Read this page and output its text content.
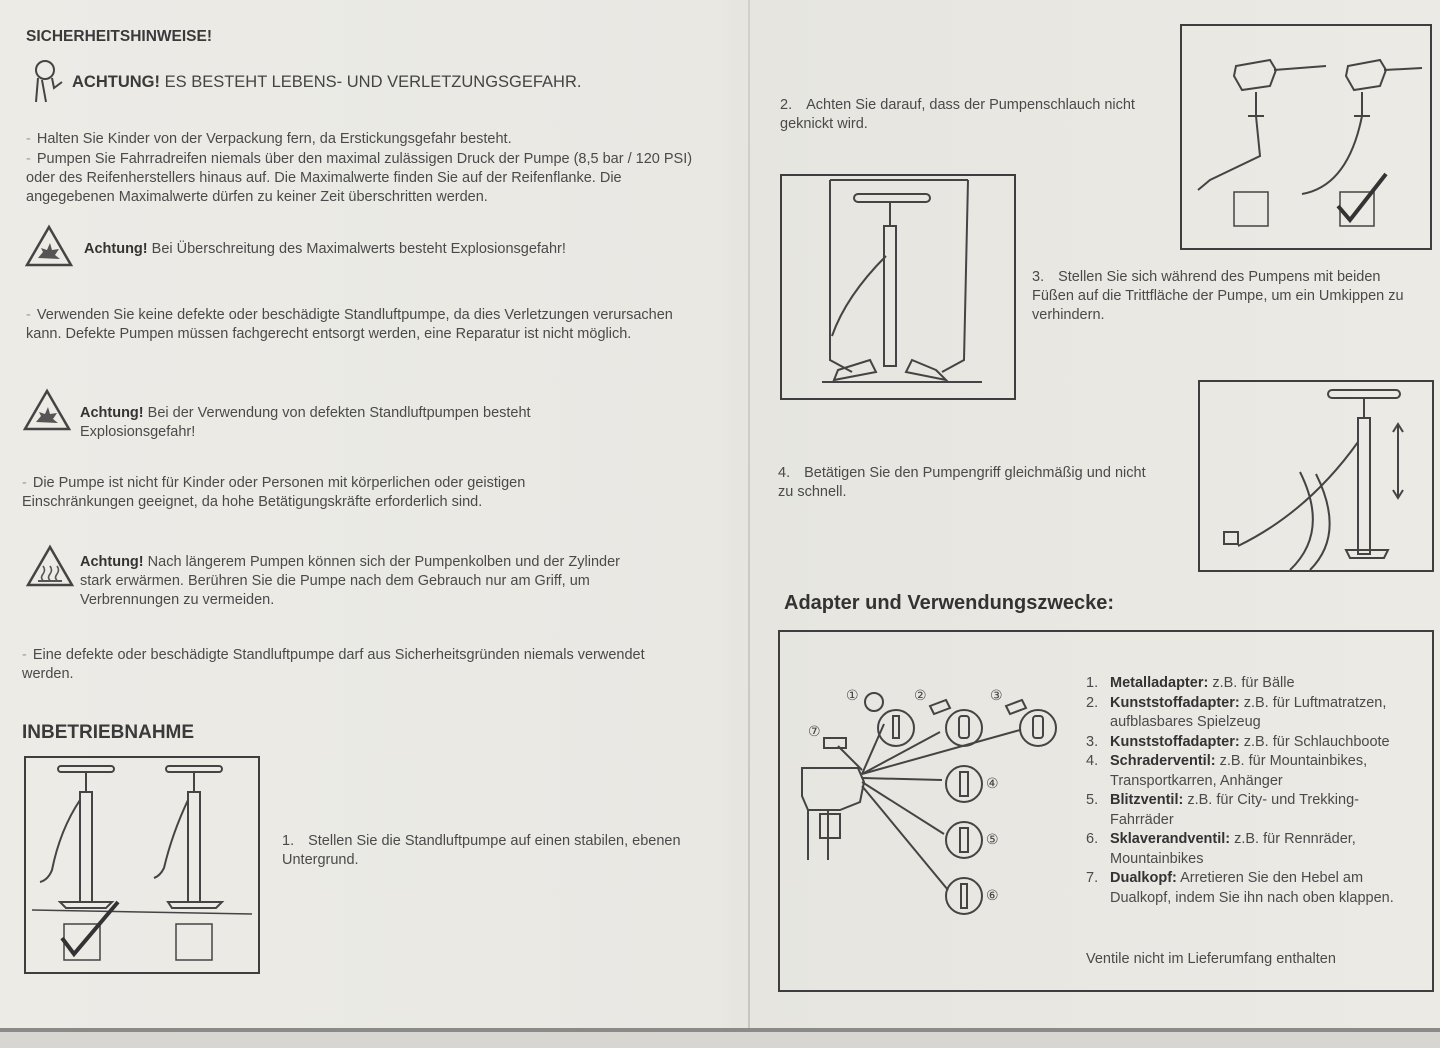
SICHERHEITSHINWEISE!
ACHTUNG! ES BESTEHT LEBENS- UND VERLETZUNGSGEFAHR.
- Halten Sie Kinder von der Verpackung fern, da Erstickungsgefahr besteht.
- Pumpen Sie Fahrradreifen niemals über den maximal zulässigen Druck der Pumpe (8,5 bar / 120 PSI) oder des Reifenherstellers hinaus auf. Die Maximalwerte finden Sie auf der Reifenflanke. Die angegebenen Maximalwerte dürfen zu keiner Zeit überschritten werden.
Achtung! Bei Überschreitung des Maximalwerts besteht Explosionsgefahr!
- Verwenden Sie keine defekte oder beschädigte Standluftpumpe, da dies Verletzungen verursachen kann. Defekte Pumpen müssen fachgerecht entsorgt werden, eine Reparatur ist nicht möglich.
Achtung! Bei der Verwendung von defekten Standluftpumpen besteht Explosionsgefahr!
- Die Pumpe ist nicht für Kinder oder Personen mit körperlichen oder geistigen Einschränkungen geeignet, da hohe Betätigungskräfte erforderlich sind.
Achtung! Nach längerem Pumpen können sich der Pumpenkolben und der Zylinder stark erwärmen. Berühren Sie die Pumpe nach dem Gebrauch nur am Griff, um Verbrennungen zu vermeiden.
- Eine defekte oder beschädigte Standluftpumpe darf aus Sicherheitsgründen niemals verwendet werden.
INBETRIEBNAHME
1. Stellen Sie die Standluftpumpe auf einen stabilen, ebenen Untergrund.
2. Achten Sie darauf, dass der Pumpenschlauch nicht geknickt wird.
3. Stellen Sie sich während des Pumpens mit beiden Füßen auf die Trittfläche der Pumpe, um ein Umkippen zu verhindern.
4. Betätigen Sie den Pumpengriff gleichmäßig und nicht zu schnell.
Adapter und Verwendungszwecke:
①	②	③
④
⑤
⑥
⑦
1. Metalladapter: z.B. für Bälle
2. Kunststoffadapter: z.B. für Luftmatratzen, aufblasbares Spielzeug
3. Kunststoffadapter: z.B. für Schlauchboote
4. Schraderventil: z.B. für Mountainbikes, Transportkarren, Anhänger
5. Blitzventil: z.B. für City- und Trekking-Fahrräder
6. Sklaverandventil: z.B. für Rennräder, Mountainbikes
7. Dualkopf: Arretieren Sie den Hebel am Dualkopf, indem Sie ihn nach oben klappen.
Ventile nicht im Lieferumfang enthalten
